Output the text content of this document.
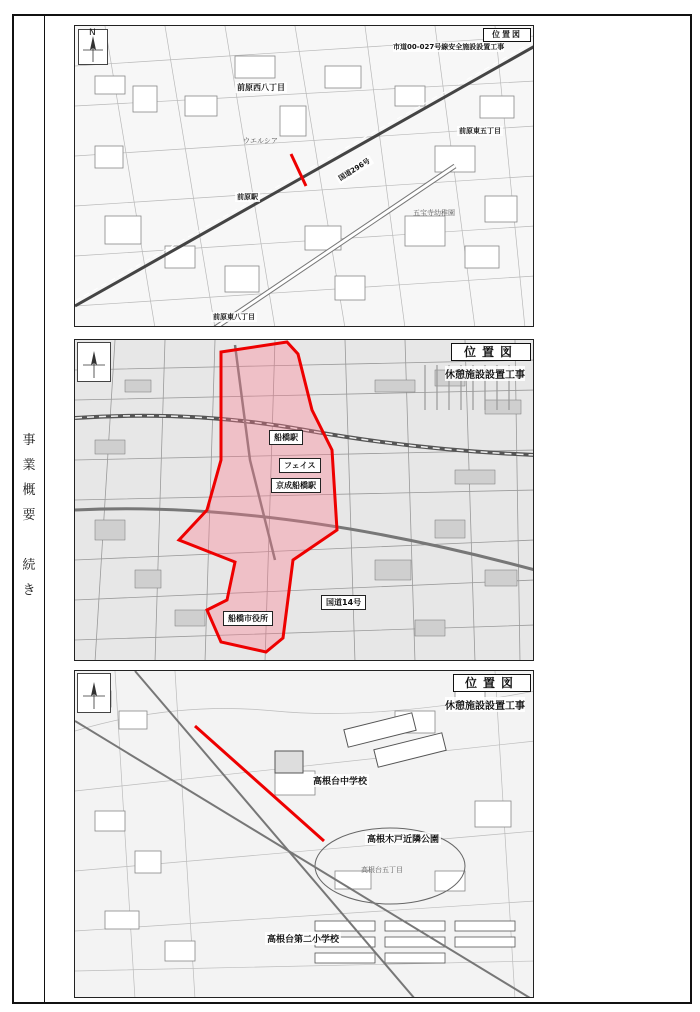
事
業
概
要
続
き
N	位置図
市道00-027号線安全施設設置工事
前原西八丁目
前原東五丁目
前原東八丁目
ウエルシア
五宝寺幼稚園
前原駅
国道296号
位置図
休憩施設設置工事
船橋駅
フェイス
京成船橋駅
国道14号
船橋市役所
位置図
休憩施設設置工事
高根台中学校
高根木戸近隣公園
高根台五丁目
高根台第二小学校
